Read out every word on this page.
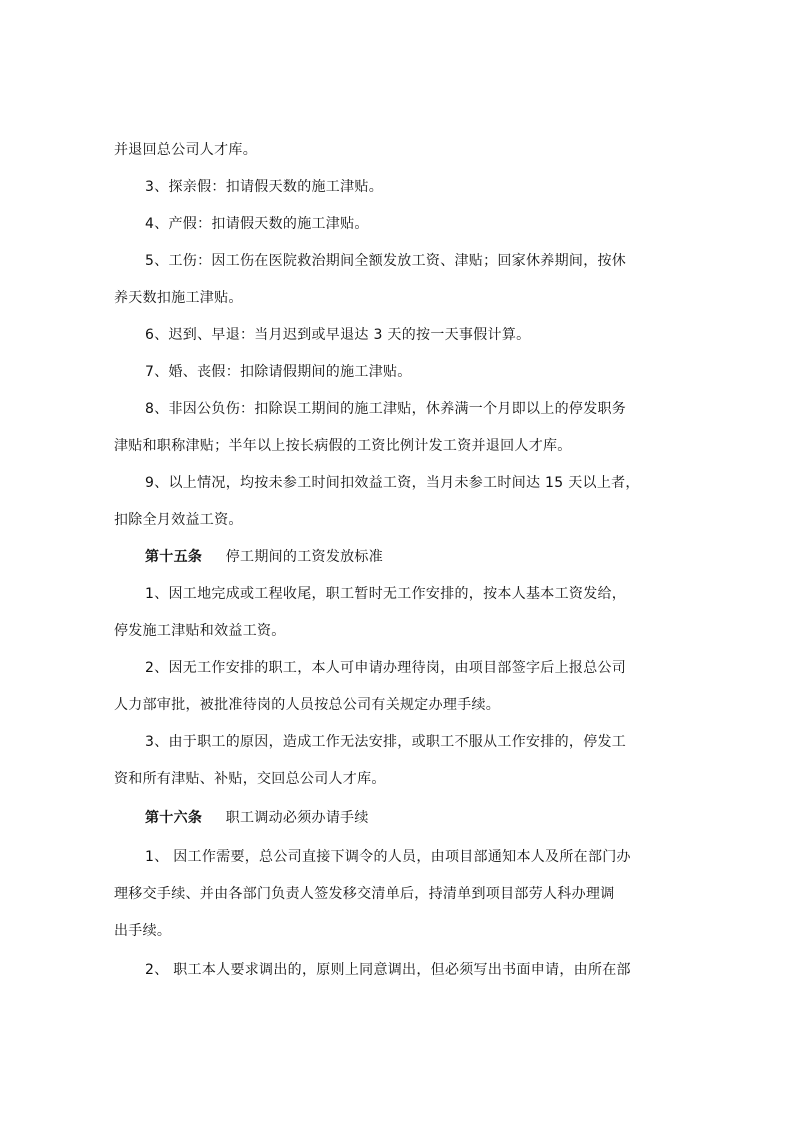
并退回总公司人才库。
3、探亲假：扣请假天数的施工津贴。
4、产假：扣请假天数的施工津贴。
5、工伤：因工伤在医院救治期间全额发放工资、津贴；回家休养期间，按休
养天数扣施工津贴。
6、迟到、早退：当月迟到或早退达 3 天的按一天事假计算。
7、婚、丧假：扣除请假期间的施工津贴。
8、非因公负伤：扣除误工期间的施工津贴，休养满一个月即以上的停发职务
津贴和职称津贴；半年以上按长病假的工资比例计发工资并退回人才库。
9、以上情况，均按未参工时间扣效益工资，当月未参工时间达 15 天以上者，
扣除全月效益工资。
第十五条 停工期间的工资发放标准
1、因工地完成或工程收尾，职工暂时无工作安排的，按本人基本工资发给，
停发施工津贴和效益工资。
2、因无工作安排的职工，本人可申请办理待岗，由项目部签字后上报总公司
人力部审批，被批准待岗的人员按总公司有关规定办理手续。
3、由于职工的原因，造成工作无法安排，或职工不服从工作安排的，停发工
资和所有津贴、补贴，交回总公司人才库。
第十六条 职工调动必须办请手续
1、 因工作需要，总公司直接下调令的人员，由项目部通知本人及所在部门办
理移交手续、并由各部门负责人签发移交清单后，持清单到项目部劳人科办理调
出手续。
2、 职工本人要求调出的，原则上同意调出，但必须写出书面申请，由所在部
